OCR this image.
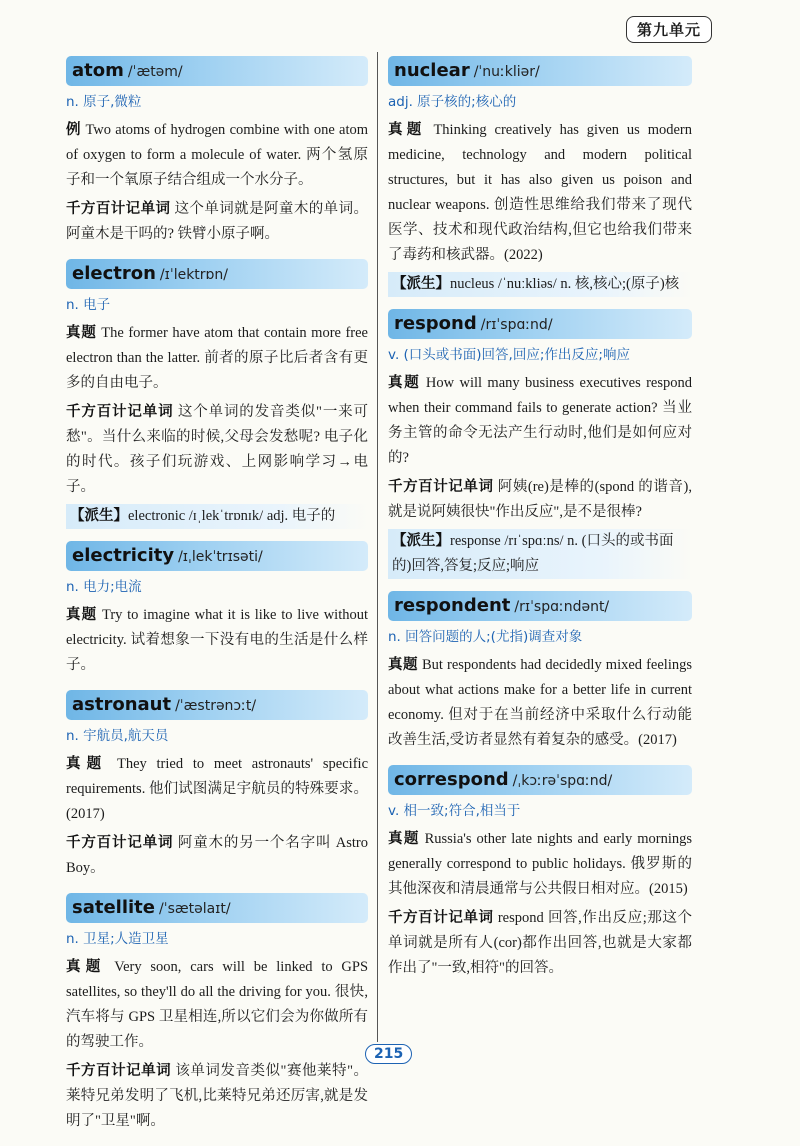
第九单元
atom /ˈætəm/
n. 原子,微粒

例 Two atoms of hydrogen combine with one atom of oxygen to form a molecule of water. 两个氢原子和一个氧原子结合组成一个水分子。

千方百计记单词 这个单词就是阿童木的单词。阿童木是干吗的? 铁臂小原子啊。

electron /ɪˈlektrɒn/
n. 电子

真题 The former have atom that contain more free electron than the latter. 前者的原子比后者含有更多的自由电子。

千方百计记单词 这个单词的发音类似"一来可愁"。当什么来临的时候,父母会发愁呢? 电子化的时代。孩子们玩游戏、上网影响学习→电子。

【派生】electronic /ɪˌlekˈtrɒnɪk/ adj. 电子的
electricity /ɪˌlekˈtrɪsəti/
n. 电力;电流

真题 Try to imagine what it is like to live without electricity. 试着想象一下没有电的生活是什么样子。

astronaut /ˈæstrənɔːt/
n. 宇航员,航天员

真题 They tried to meet astronauts' specific requirements. 他们试图满足宇航员的特殊要求。(2017)

千方百计记单词 阿童木的另一个名字叫 Astro Boy。

satellite /ˈsætəlaɪt/
n. 卫星;人造卫星

真题 Very soon, cars will be linked to GPS satellites, so they'll do all the driving for you. 很快,汽车将与 GPS 卫星相连,所以它们会为你做所有的驾驶工作。

千方百计记单词 该单词发音类似"赛他莱特"。莱特兄弟发明了飞机,比莱特兄弟还厉害,就是发明了"卫星"啊。

nuclear /ˈnuːkliər/
adj. 原子核的;核心的

真题 Thinking creatively has given us modern medicine, technology and modern political structures, but it has also given us poison and nuclear weapons. 创造性思维给我们带来了现代医学、技术和现代政治结构,但它也给我们带来了毒药和核武器。(2022)

【派生】nucleus /ˈnuːkliəs/ n. 核,核心;(原子)核
respond /rɪˈspɑːnd/
v. (口头或书面)回答,回应;作出反应;响应

真题 How will many business executives respond when their command fails to generate action? 当业务主管的命令无法产生行动时,他们是如何应对的?

千方百计记单词 阿姨(re)是棒的(spond 的谐音),就是说阿姨很快"作出反应",是不是很棒?

【派生】response /rɪˈspɑːns/ n. (口头的或书面的)回答,答复;反应;响应
respondent /rɪˈspɑːndənt/
n. 回答问题的人;(尤指)调查对象

真题 But respondents had decidedly mixed feelings about what actions make for a better life in current economy. 但对于在当前经济中采取什么行动能改善生活,受访者显然有着复杂的感受。(2017)

correspond /ˌkɔːrəˈspɑːnd/
v. 相一致;符合,相当于

真题 Russia's other late nights and early mornings generally correspond to public holidays. 俄罗斯的其他深夜和清晨通常与公共假日相对应。(2015)

千方百计记单词 respond 回答,作出反应;那这个单词就是所有人(cor)都作出回答,也就是大家都作出了"一致,相符"的回答。

215
